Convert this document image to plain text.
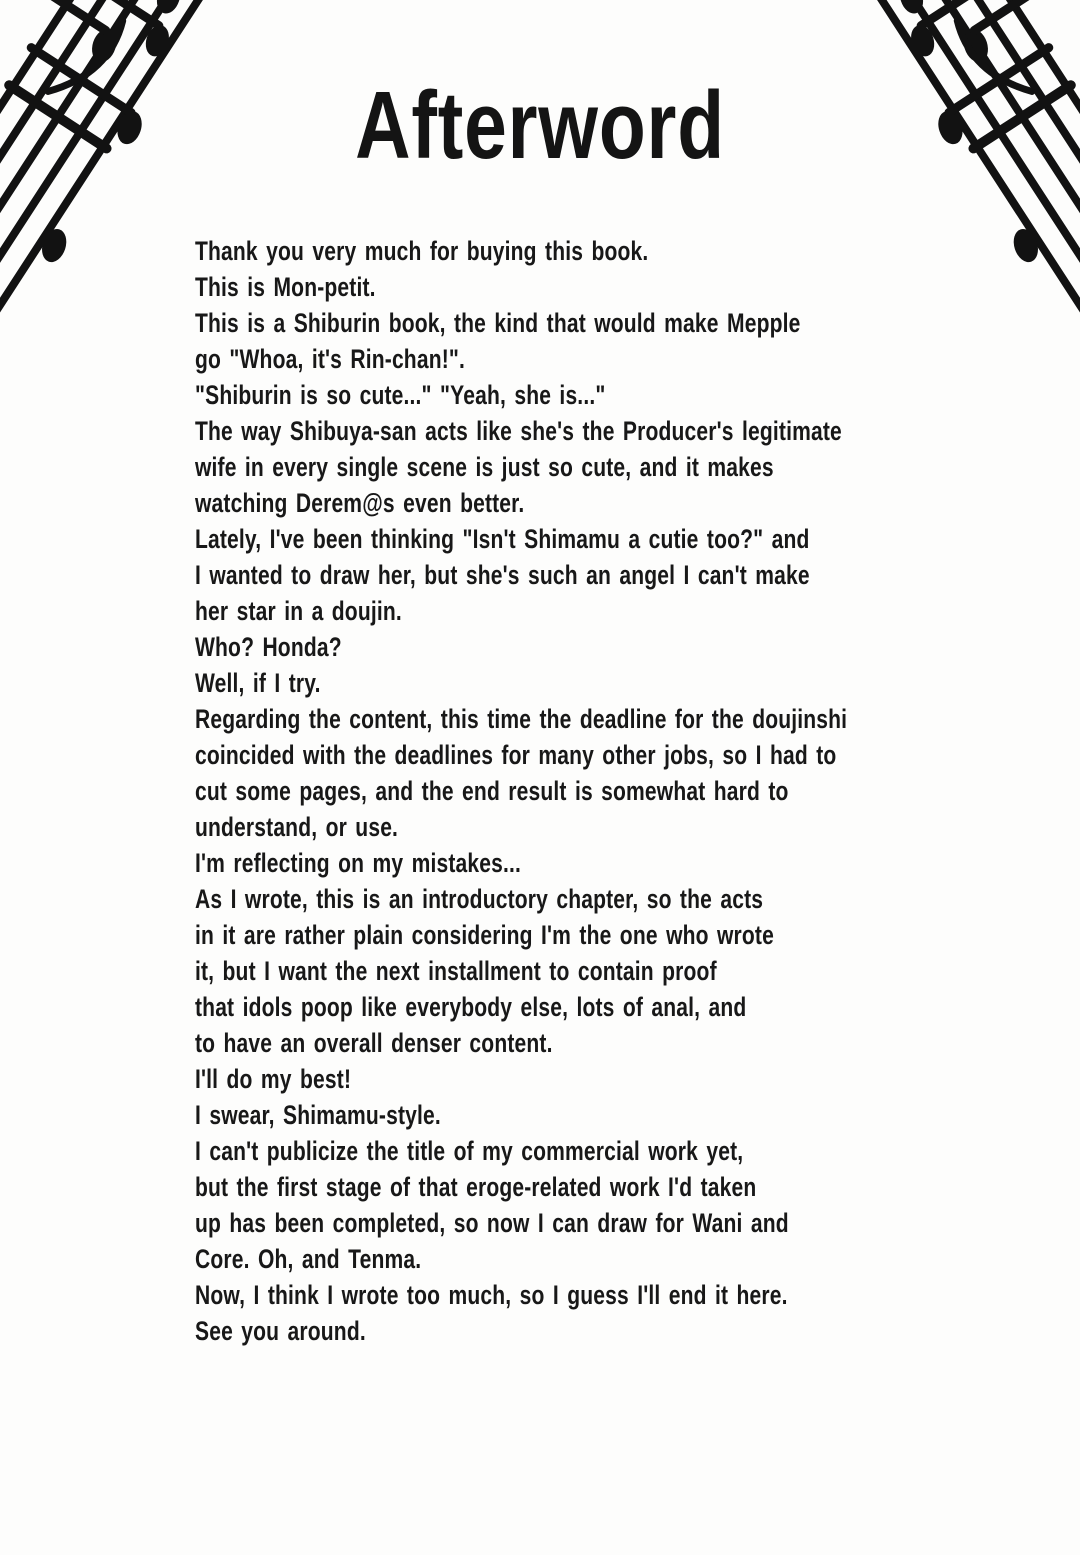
Afterword

Thank you very much for buying this book.

This is Mon-petit.

This is a Shiburin book, the kind that would make Mepple

go "Whoa, it's Rin-chan!".

"Shiburin is so cute..." "Yeah, she is..."

The way Shibuya-san acts like she's the Producer's legitimate

wife in every single scene is just so cute, and it makes

watching Derem@s even better.

Lately, I've been thinking "Isn't Shimamu a cutie too?" and

I wanted to draw her, but she's such an angel I can't make

her star in a doujin.

Who? Honda?

Well, if I try.

Regarding the content, this time the deadline for the doujinshi

coincided with the deadlines for many other jobs, so I had to

cut some pages, and the end result is somewhat hard to

understand, or use.

I'm reflecting on my mistakes...

As I wrote, this is an introductory chapter, so the acts

in it are rather plain considering I'm the one who wrote

it, but I want the next installment to contain proof

that idols poop like everybody else, lots of anal, and

to have an overall denser content.

I'll do my best!

I swear, Shimamu-style.

I can't publicize the title of my commercial work yet,

but the first stage of that eroge-related work I'd taken

up has been completed, so now I can draw for Wani and

Core. Oh, and Tenma.

Now, I think I wrote too much, so I guess I'll end it here.

See you around.
